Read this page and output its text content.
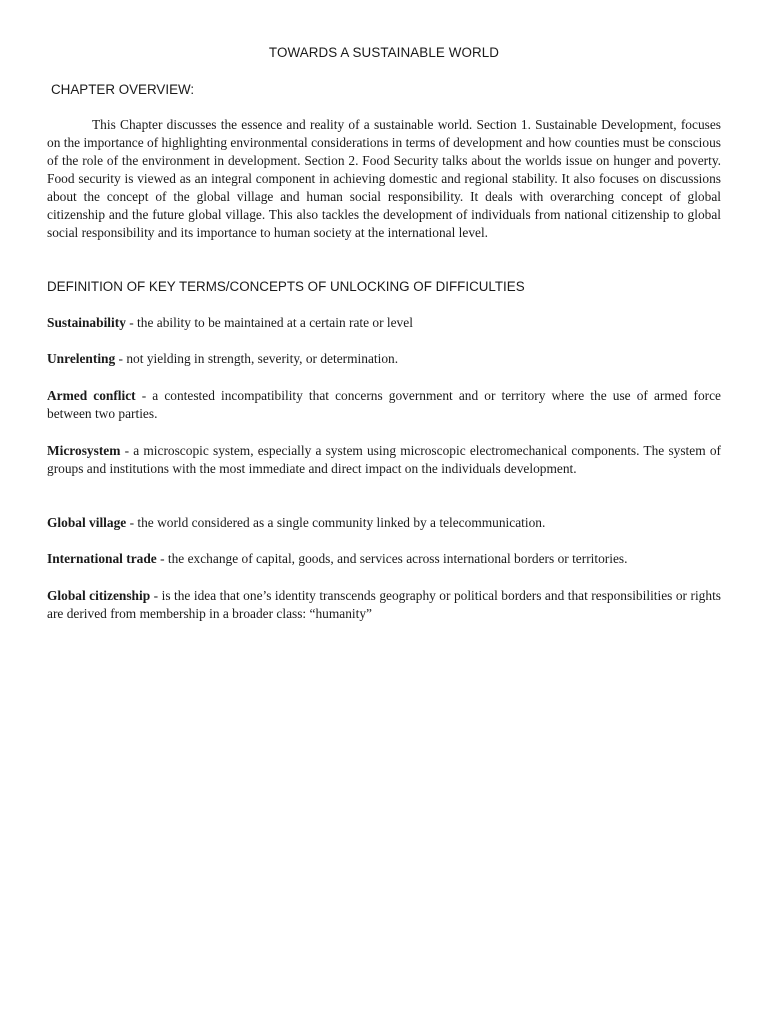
TOWARDS A SUSTAINABLE WORLD
CHAPTER OVERVIEW:

This Chapter discusses the essence and reality of a sustainable world. Section 1. Sustainable Development, focuses on the importance of highlighting environmental considerations in terms of development and how counties must be conscious of the role of the environment in development. Section 2. Food Security talks about the worlds issue on hunger and poverty. Food security is viewed as an integral component in achieving domestic and regional stability. It also focuses on discussions about the concept of the global village and human social responsibility. It deals with overarching concept of global citizenship and the future global village. This also tackles the development of individuals from national citizenship to global social responsibility and its importance to human society at the international level.

DEFINITION OF KEY TERMS/CONCEPTS OF UNLOCKING OF DIFFICULTIES

Sustainability - the ability to be maintained at a certain rate or level

Unrelenting - not yielding in strength, severity, or determination.

Armed conflict - a contested incompatibility that concerns government and or territory where the use of armed force between two parties.

Microsystem - a microscopic system, especially a system using microscopic electromechanical components. The system of groups and institutions with the most immediate and direct impact on the individuals development.

Global village - the world considered as a single community linked by a telecommunication.

International trade - the exchange of capital, goods, and services across international borders or territories.

Global citizenship - is the idea that one’s identity transcends geography or political borders and that responsibilities or rights are derived from membership in a broader class: “humanity”
